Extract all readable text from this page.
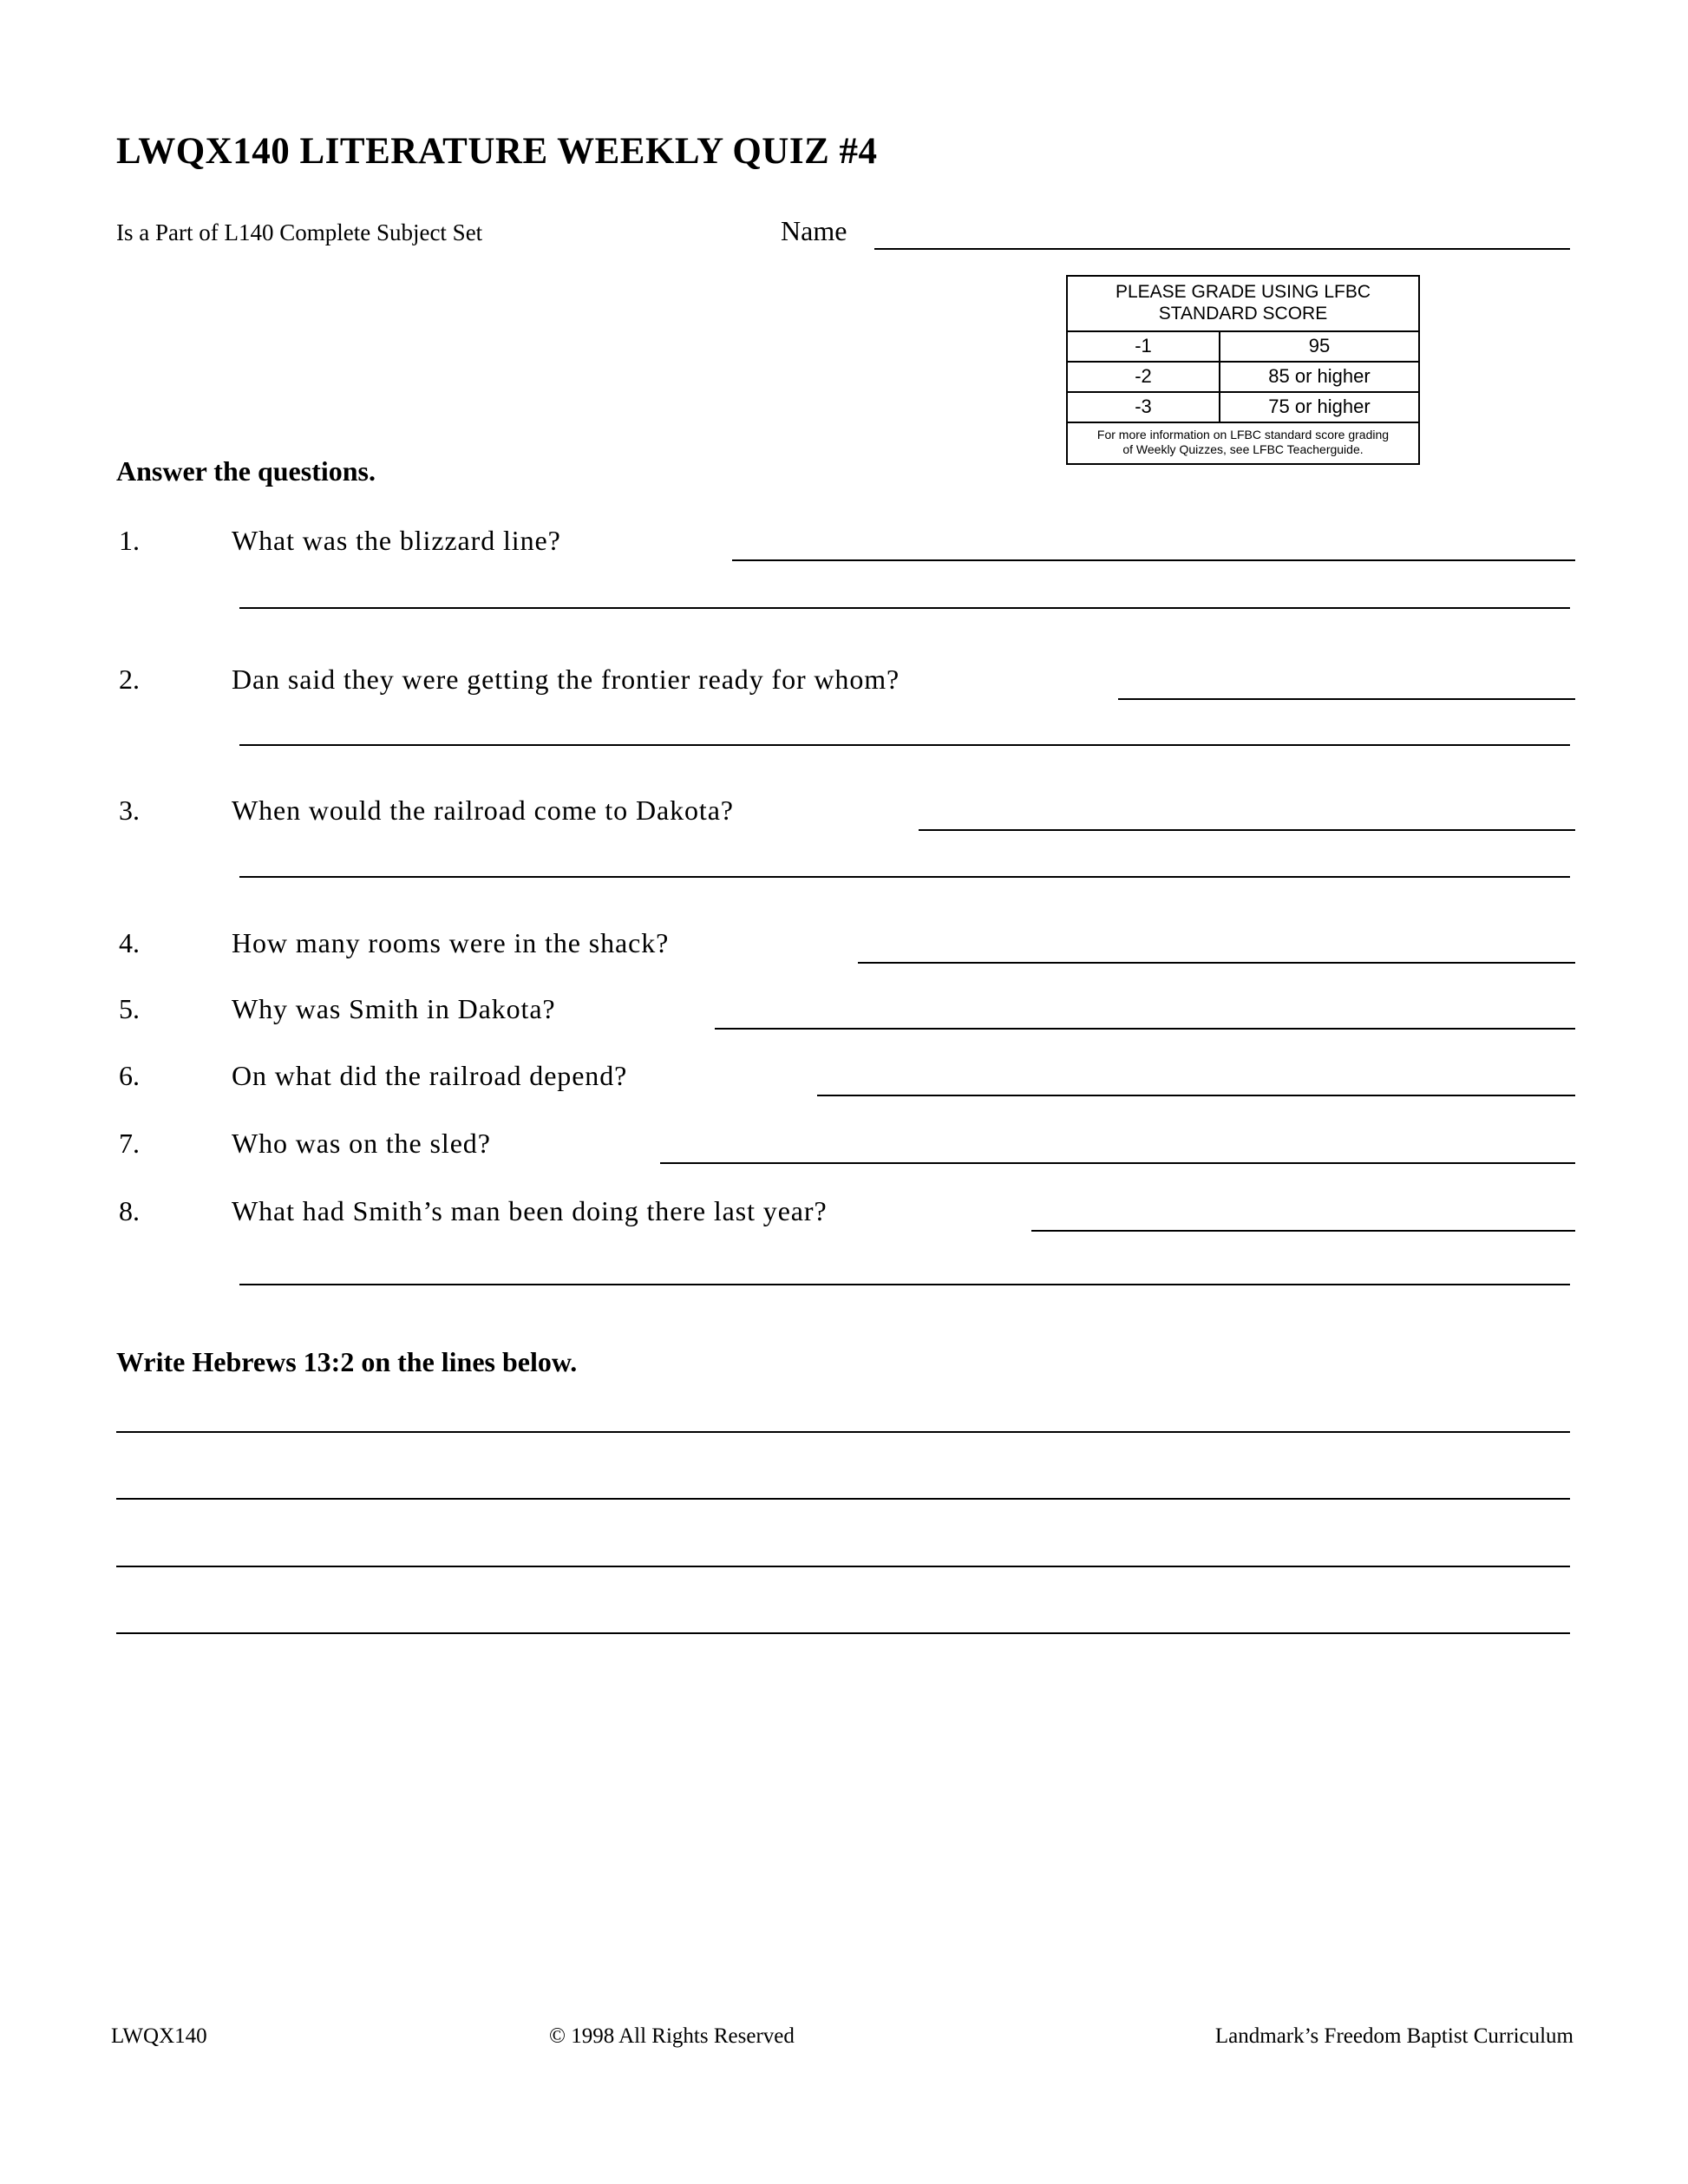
LWQX140 LITERATURE WEEKLY QUIZ #4
Is a Part of L140 Complete Subject Set	Name
PLEASE GRADE USING LFBC
STANDARD SCORE
-1	95
-2	85 or higher
-3	75 or higher
For more information on LFBC standard score grading
of Weekly Quizzes, see LFBC Teacherguide.
Answer the questions.
1.	What was the blizzard line?
2.	Dan said they were getting the frontier ready for whom?
3.	When would the railroad come to Dakota?
4.	How many rooms were in the shack?
5.	Why was Smith in Dakota?
6.	On what did the railroad depend?
7.	Who was on the sled?
8.	What had Smith’s man been doing there last year?
Write Hebrews 13:2 on the lines below.
LWQX140	© 1998 All Rights Reserved	Landmark’s Freedom Baptist Curriculum
